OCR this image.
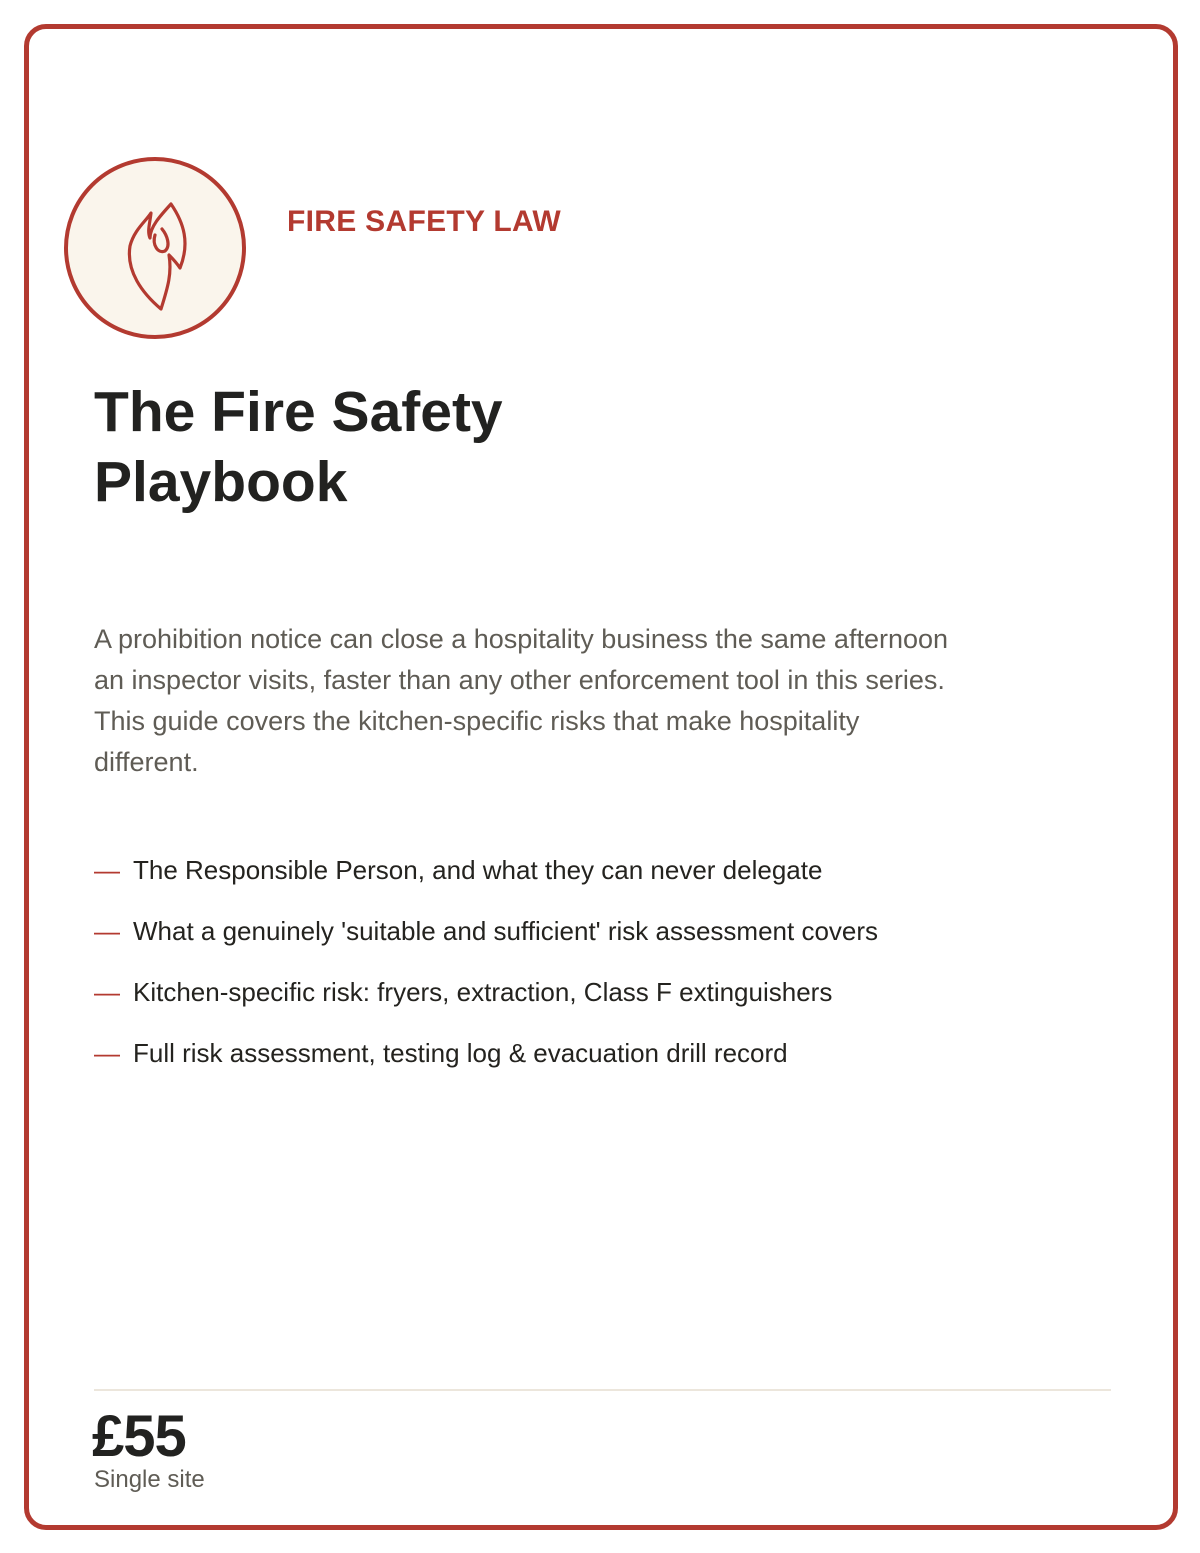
FIRE SAFETY LAW
The Fire Safety Playbook

A prohibition notice can close a hospitality business the same afternoon an inspector visits, faster than any other enforcement tool in this series. This guide covers the kitchen-specific risks that make hospitality different.

— The Responsible Person, and what they can never delegate
— What a genuinely 'suitable and sufficient' risk assessment covers
— Kitchen-specific risk: fryers, extraction, Class F extinguishers
— Full risk assessment, testing log & evacuation drill record
£55
Single site
